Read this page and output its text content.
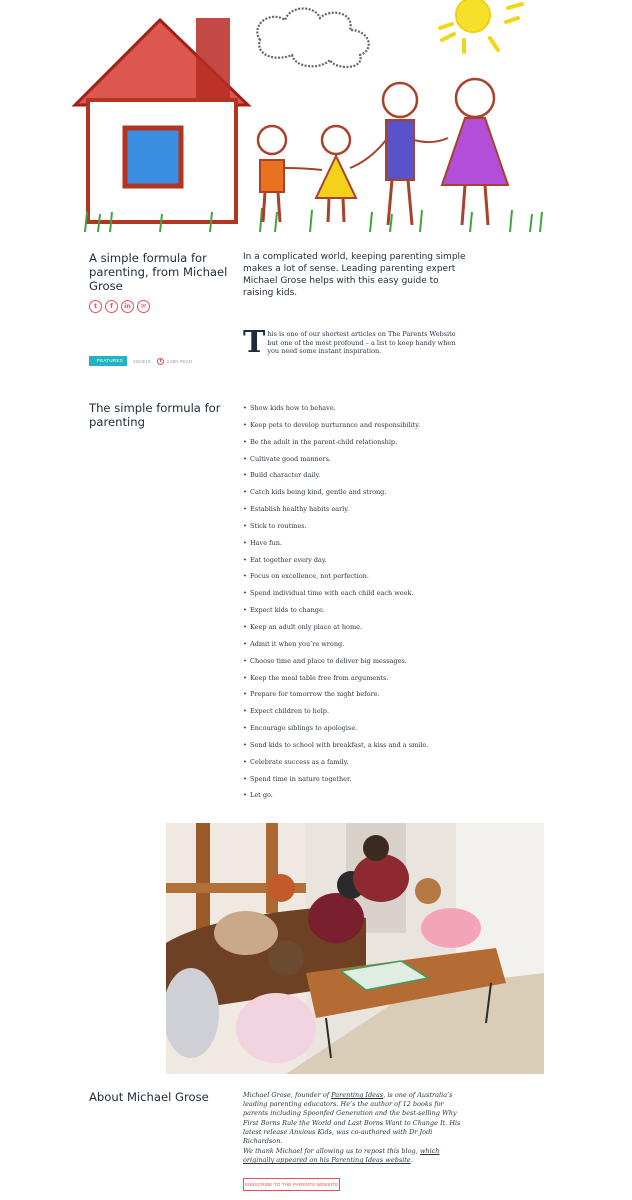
A simple formula for parenting, from Michael Grose
t	f	in	✉
FEATURES	25/03/19	3 MIN READ

In a complicated world, keeping parenting simple makes a lot of sense. Leading parenting expert Michael Grose helps with this easy guide to raising kids.

This is one of our shortest articles on The Parents Website but one of the most profound – a list to keep handy when you need some instant inspiration.
The simple formula for parenting
• Show kids how to behave.
• Keep pets to develop nurturance and responsibility.
• Be the adult in the parent-child relationship.
• Cultivate good manners.
• Build character daily.
• Catch kids being kind, gentle and strong.
• Establish healthy habits early.
• Stick to routines.
• Have fun.
• Eat together every day.
• Focus on excellence, not perfection.
• Spend individual time with each child each week.
• Expect kids to change.
• Keep an adult only place at home.
• Admit it when you’re wrong.
• Choose time and place to deliver big messages.
• Keep the meal table free from arguments.
• Prepare for tomorrow the night before.
• Expect children to help.
• Encourage siblings to apologise.
• Send kids to school with breakfast, a kiss and a smile.
• Celebrate success as a family.
• Spend time in nature together.
• Let go.
About Michael Grose	Michael Grose, founder of Parenting Ideas, is one of Australia’s leading parenting educators. He’s the author of 12 books for parents including Spoonfed Generation and the best-selling Why First Borns Rule the World and Last Borns Want to Change It. His latest release Anxious Kids, was co-authored with Dr Jodi Richardson.

We thank Michael for allowing us to repost this blog, which originally appeared on his Parenting Ideas website.

SUBSCRIBE TO THE PARENTS WEBSITE
